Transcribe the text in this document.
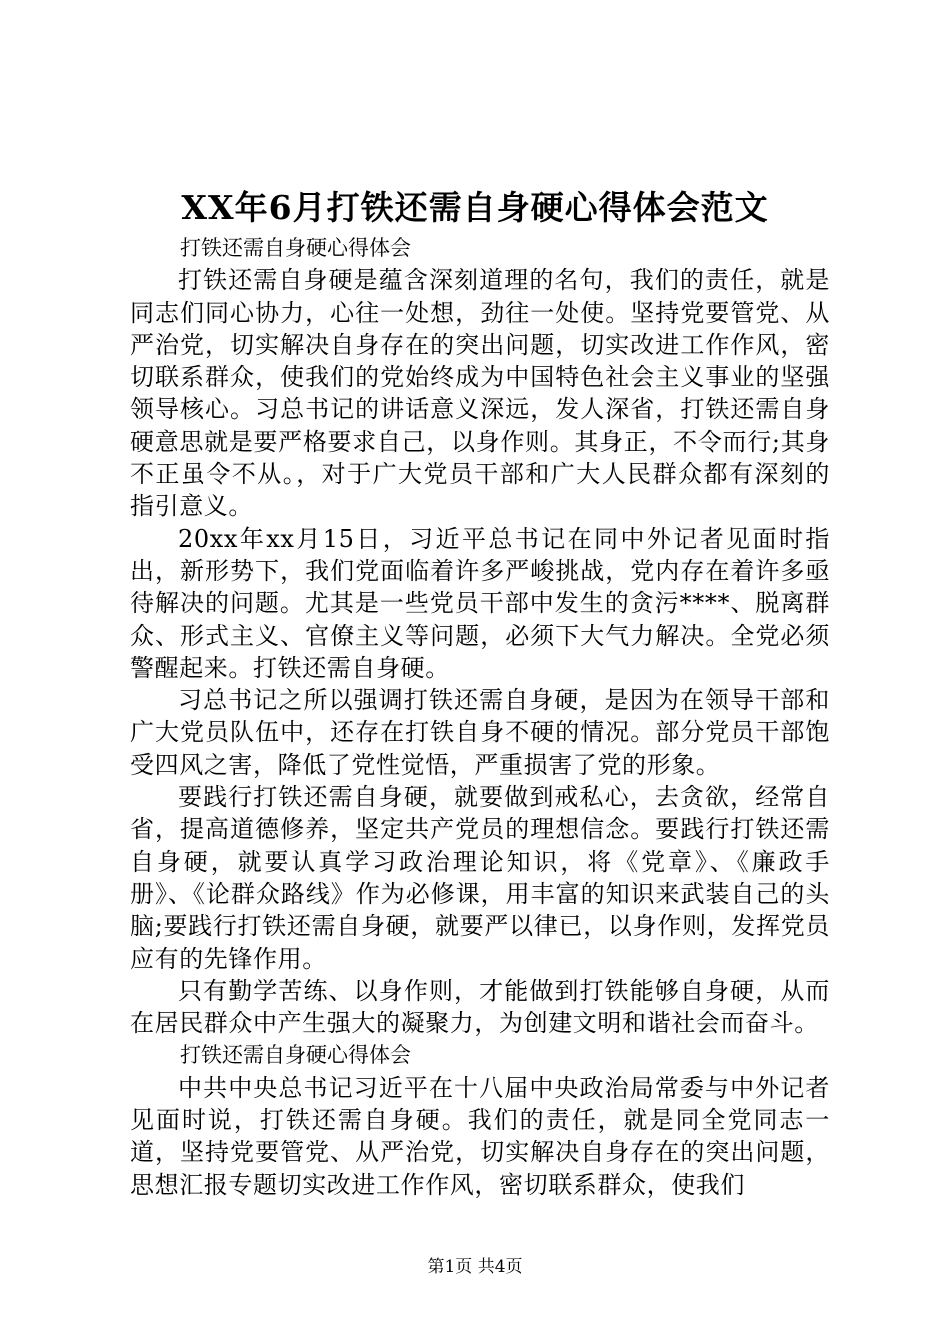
XX年6月打铁还需自身硬心得体会范文

打铁还需自身硬心得体会

打铁还需自身硬是蕴含深刻道理的名句，我们的责任，就是同志们同心协力，心往一处想，劲往一处使。坚持党要管党、从严治党，切实解决自身存在的突出问题，切实改进工作作风，密切联系群众，使我们的党始终成为中国特色社会主义事业的坚强领导核心。习总书记的讲话意义深远，发人深省，打铁还需自身硬意思就是要严格要求自己，以身作则。其身正，不令而行;其身不正虽令不从。，对于广大党员干部和广大人民群众都有深刻的指引意义。

20xx年xx月15日，习近平总书记在同中外记者见面时指出，新形势下，我们党面临着许多严峻挑战，党内存在着许多亟待解决的问题。尤其是一些党员干部中发生的贪污****、脱离群众、形式主义、官僚主义等问题，必须下大气力解决。全党必须警醒起来。打铁还需自身硬。

习总书记之所以强调打铁还需自身硬，是因为在领导干部和广大党员队伍中，还存在打铁自身不硬的情况。部分党员干部饱受四风之害，降低了党性觉悟，严重损害了党的形象。

要践行打铁还需自身硬，就要做到戒私心，去贪欲，经常自省，提高道德修养，坚定共产党员的理想信念。要践行打铁还需自身硬，就要认真学习政治理论知识，将《党章》、《廉政手册》、《论群众路线》作为必修课，用丰富的知识来武装自己的头脑;要践行打铁还需自身硬，就要严以律已，以身作则，发挥党员应有的先锋作用。

只有勤学苦练、以身作则，才能做到打铁能够自身硬，从而在居民群众中产生强大的凝聚力，为创建文明和谐社会而奋斗。

打铁还需自身硬心得体会

中共中央总书记习近平在十八届中央政治局常委与中外记者见面时说，打铁还需自身硬。我们的责任，就是同全党同志一道，坚持党要管党、从严治党，切实解决自身存在的突出问题，思想汇报专题切实改进工作作风，密切联系群众，使我们

第1页 共4页
